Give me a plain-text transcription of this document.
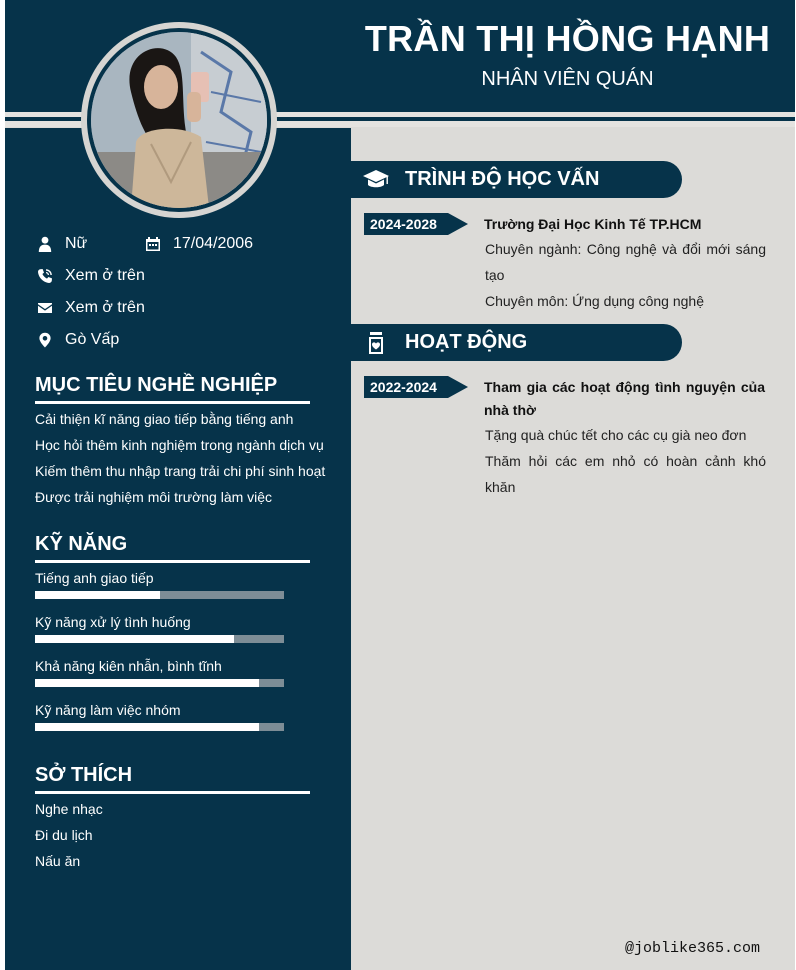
TRẦN THỊ HỒNG HẠNH
NHÂN VIÊN QUÁN
Nữ	17/04/2006
Xem ở trên
Xem ở trên
Gò Vấp
MỤC TIÊU NGHỀ NGHIỆP
Cải thiện kĩ năng giao tiếp bằng tiếng anh
Học hỏi thêm kinh nghiệm trong ngành dịch vụ
Kiếm thêm thu nhập trang trải chi phí sinh hoạt
Được trải nghiệm môi trường làm việc
KỸ NĂNG
Tiếng anh giao tiếp
Kỹ năng xử lý tình huống
Khả năng kiên nhẫn, bình tĩnh
Kỹ năng làm việc nhóm
SỞ THÍCH
Nghe nhạc
Đi du lịch
Nấu ăn
TRÌNH ĐỘ HỌC VẤN
2024-2028	Trường Đại Học Kinh Tế TP.HCM
Chuyên ngành: Công nghệ và đổi mới sáng tạo
Chuyên môn: Ứng dụng công nghệ
HOẠT ĐỘNG
2022-2024	Tham gia các hoạt động tình nguyện của nhà thờ
Tặng quà chúc tết cho các cụ già neo đơn
Thăm hỏi các em nhỏ có hoàn cảnh khó khăn
@joblike365.com
